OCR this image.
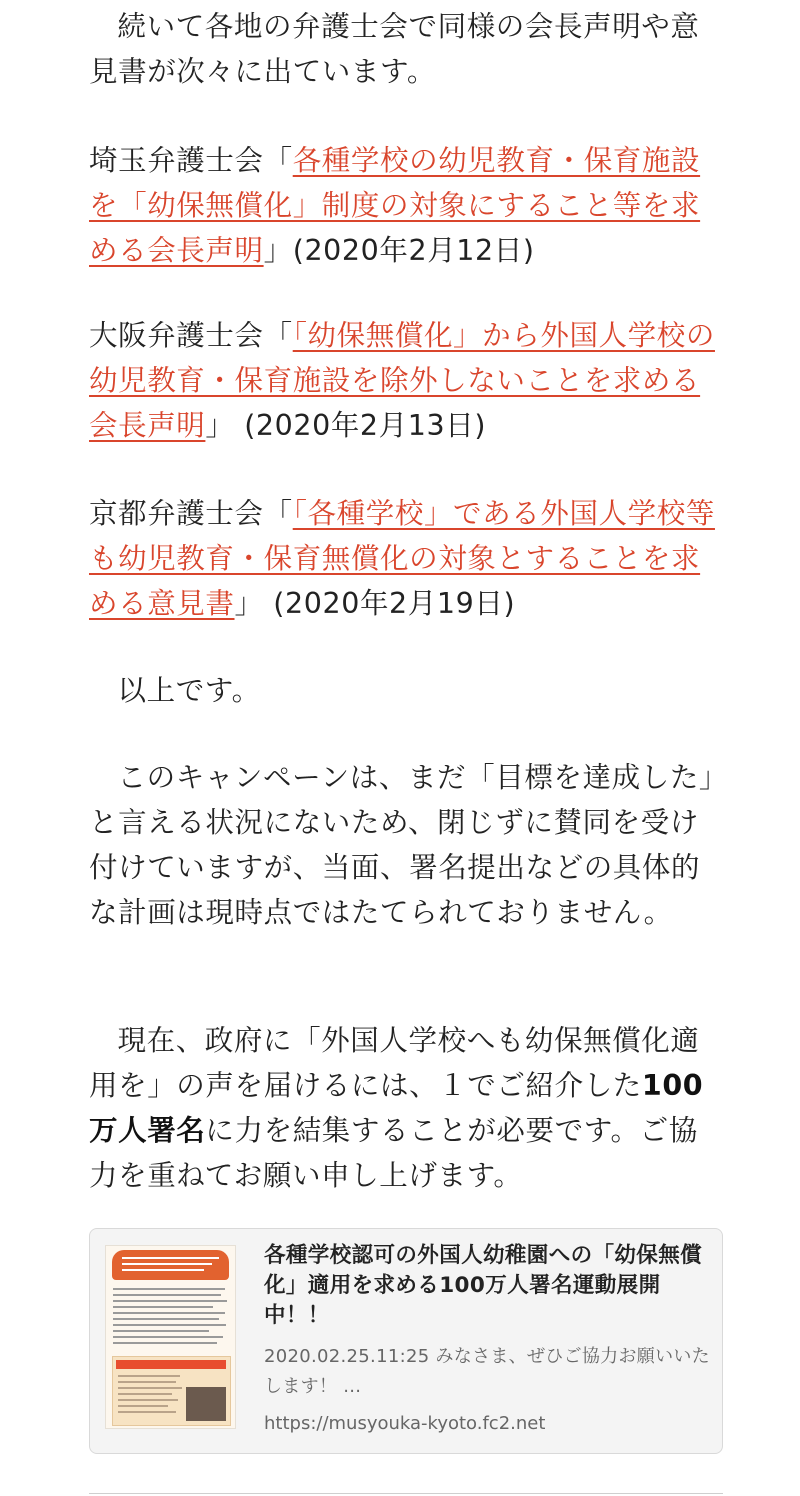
続いて各地の弁護士会で同様の会長声明や意見書が次々に出ています。

埼玉弁護士会「各種学校の幼児教育・保育施設を「幼保無償化」制度の対象にすること等を求める会長声明」(2020年2月12日)

大阪弁護士会「「幼保無償化」から外国人学校の幼児教育・保育施設を除外しないことを求める会長声明」 (2020年2月13日)

京都弁護士会「「各種学校」である外国人学校等も幼児教育・保育無償化の対象とすることを求める意見書」 (2020年2月19日)

以上です。

このキャンペーンは、まだ「目標を達成した」と言える状況にないため、閉じずに賛同を受け付けていますが、当面、署名提出などの具体的な計画は現時点ではたてられておりません。

現在、政府に「外国人学校へも幼保無償化適用を」の声を届けるには、１でご紹介した100万人署名に力を結集することが必要です。ご協力を重ねてお願い申し上げます。

各種学校認可の外国人幼稚園への「幼保無償化」適用を求める100万人署名運動展開中！！

2020.02.25.11:25 みなさま、ぜひご協力お願いいたします！ ...

https://musyouka-kyoto.fc2.net
